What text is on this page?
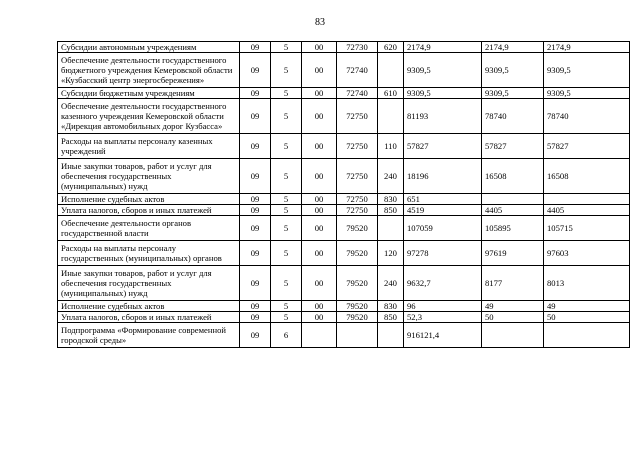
83
Субсидии автономным учреждениям	09	5	00	72730	620	2174,9	2174,9	2174,9
Обеспечение деятельности государственного бюджетного учреждения Кемеровской области «Кузбасский центр энергосбережения»	09	5	00	72740		9309,5	9309,5	9309,5
Субсидии бюджетным учреждениям	09	5	00	72740	610	9309,5	9309,5	9309,5
Обеспечение деятельности государственного казенного учреждения Кемеровской области «Дирекция автомобильных дорог Кузбасса»	09	5	00	72750		81193	78740	78740
Расходы на выплаты персоналу казенных учреждений	09	5	00	72750	110	57827	57827	57827
Иные закупки товаров, работ и услуг для обеспечения государственных (муниципальных) нужд	09	5	00	72750	240	18196	16508	16508
Исполнение судебных актов	09	5	00	72750	830	651		
Уплата налогов, сборов и иных платежей	09	5	00	72750	850	4519	4405	4405
Обеспечение деятельности органов государственной власти	09	5	00	79520		107059	105895	105715
Расходы на выплаты персоналу государственных (муниципальных) органов	09	5	00	79520	120	97278	97619	97603
Иные закупки товаров, работ и услуг для обеспечения государственных (муниципальных) нужд	09	5	00	79520	240	9632,7	8177	8013
Исполнение судебных актов	09	5	00	79520	830	96	49	49
Уплата налогов, сборов и иных платежей	09	5	00	79520	850	52,3	50	50
Подпрограмма «Формирование современной городской среды»	09	6				916121,4		
